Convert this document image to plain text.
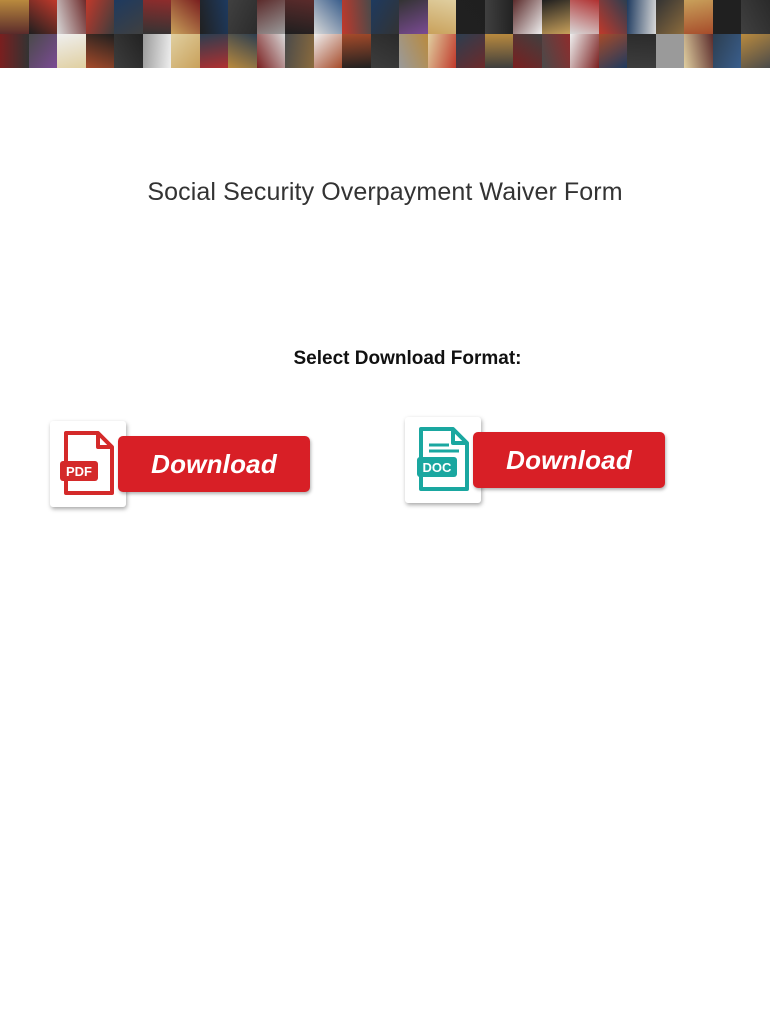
Social Security Overpayment Waiver Form
Select Download Format:
PDF	Download	DOC	Download
